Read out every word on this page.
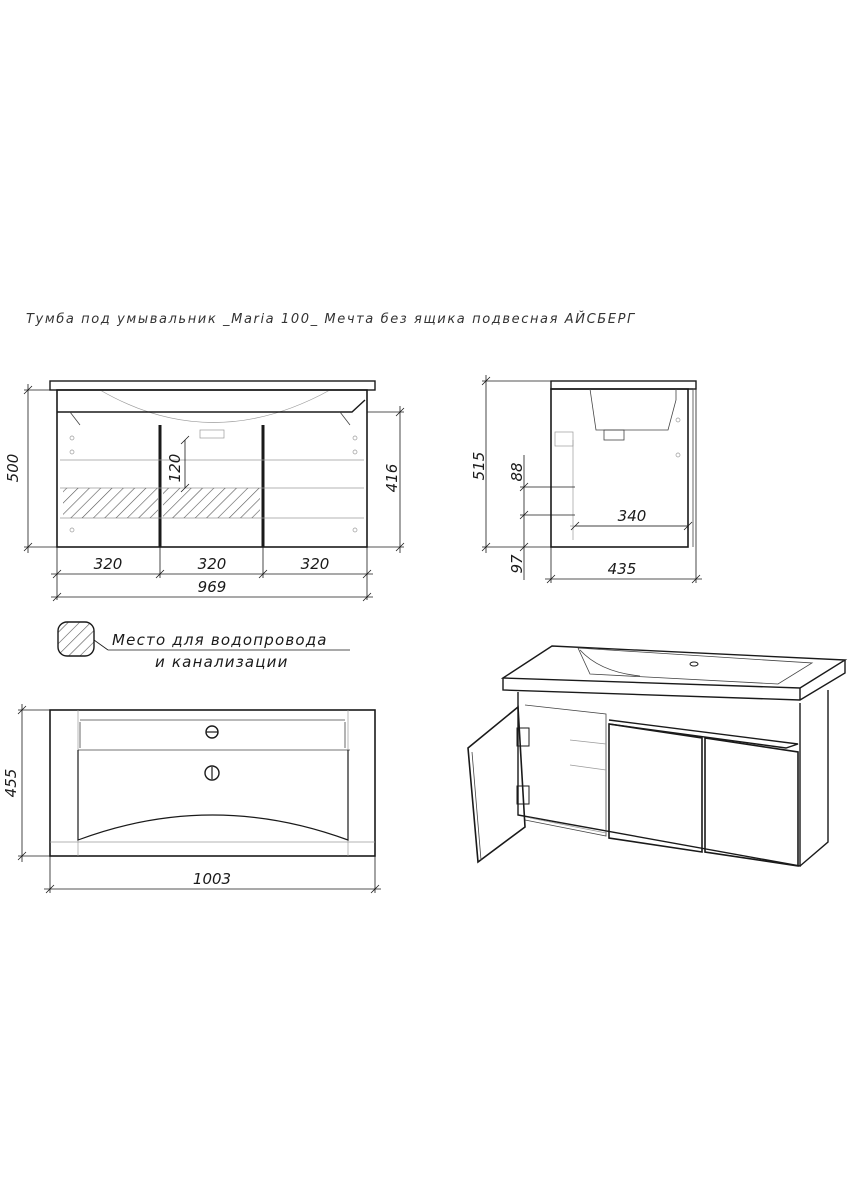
Тумба под умывальник _Maria 100_ Мечта без ящика подвесная АЙСБЕРГ
500	416
120
320	320	320
969
515 88
97
340
435
Место для водопровода
и канализации
455
1003
